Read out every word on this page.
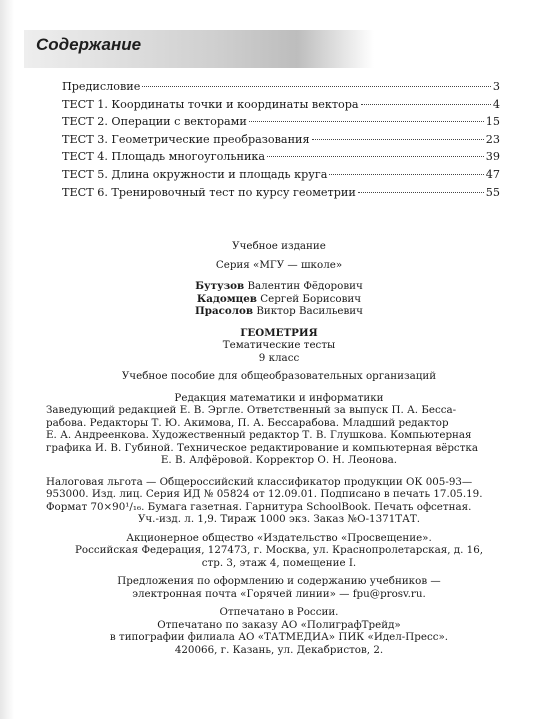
Содержание
Предисловие	3
ТЕСТ 1. Координаты точки и координаты вектора	4
ТЕСТ 2. Операции с векторами	15
ТЕСТ 3. Геометрические преобразования	23
ТЕСТ 4. Площадь многоугольника	39
ТЕСТ 5. Длина окружности и площадь круга	47
ТЕСТ 6. Тренировочный тест по курсу геометрии	55
Учебное издание
Серия «МГУ — школе»
Бутузов Валентин Фёдорович
Кадомцев Сергей Борисович
Прасолов Виктор Васильевич
ГЕОМЕТРИЯ
Тематические тесты
9 класс
Учебное пособие для общеобразовательных организаций
Редакция математики и информатики
Заведующий редакцией Е. В. Эргле. Ответственный за выпуск П. А. Бесса-
рабова. Редакторы Т. Ю. Акимова, П. А. Бессарабова. Младший редактор
Е. А. Андреенкова. Художественный редактор Т. В. Глушкова. Компьютерная
графика И. В. Губиной. Техническое редактирование и компьютерная вёрстка
Е. В. Алфёровой. Корректор О. Н. Леонова.
Налоговая льгота — Общероссийский классификатор продукции ОК 005-93—
953000. Изд. лиц. Серия ИД № 05824 от 12.09.01. Подписано в печать 17.05.19.
Формат 70×90¹/₁₆. Бумага газетная. Гарнитура SchoolBook. Печать офсетная.
Уч.-изд. л. 1,9. Тираж 1000 экз. Заказ №О-1371ТАТ.
Акционерное общество «Издательство «Просвещение».
Российская Федерация, 127473, г. Москва, ул. Краснопролетарская, д. 16,
стр. 3, этаж 4, помещение I.
Предложения по оформлению и содержанию учебников —
электронная почта «Горячей линии» — fpu@prosv.ru.
Отпечатано в России.
Отпечатано по заказу АО «ПолиграфТрейд»
в типографии филиала АО «ТАТМЕДИА» ПИК «Идел-Пресс».
420066, г. Казань, ул. Декабристов, 2.
